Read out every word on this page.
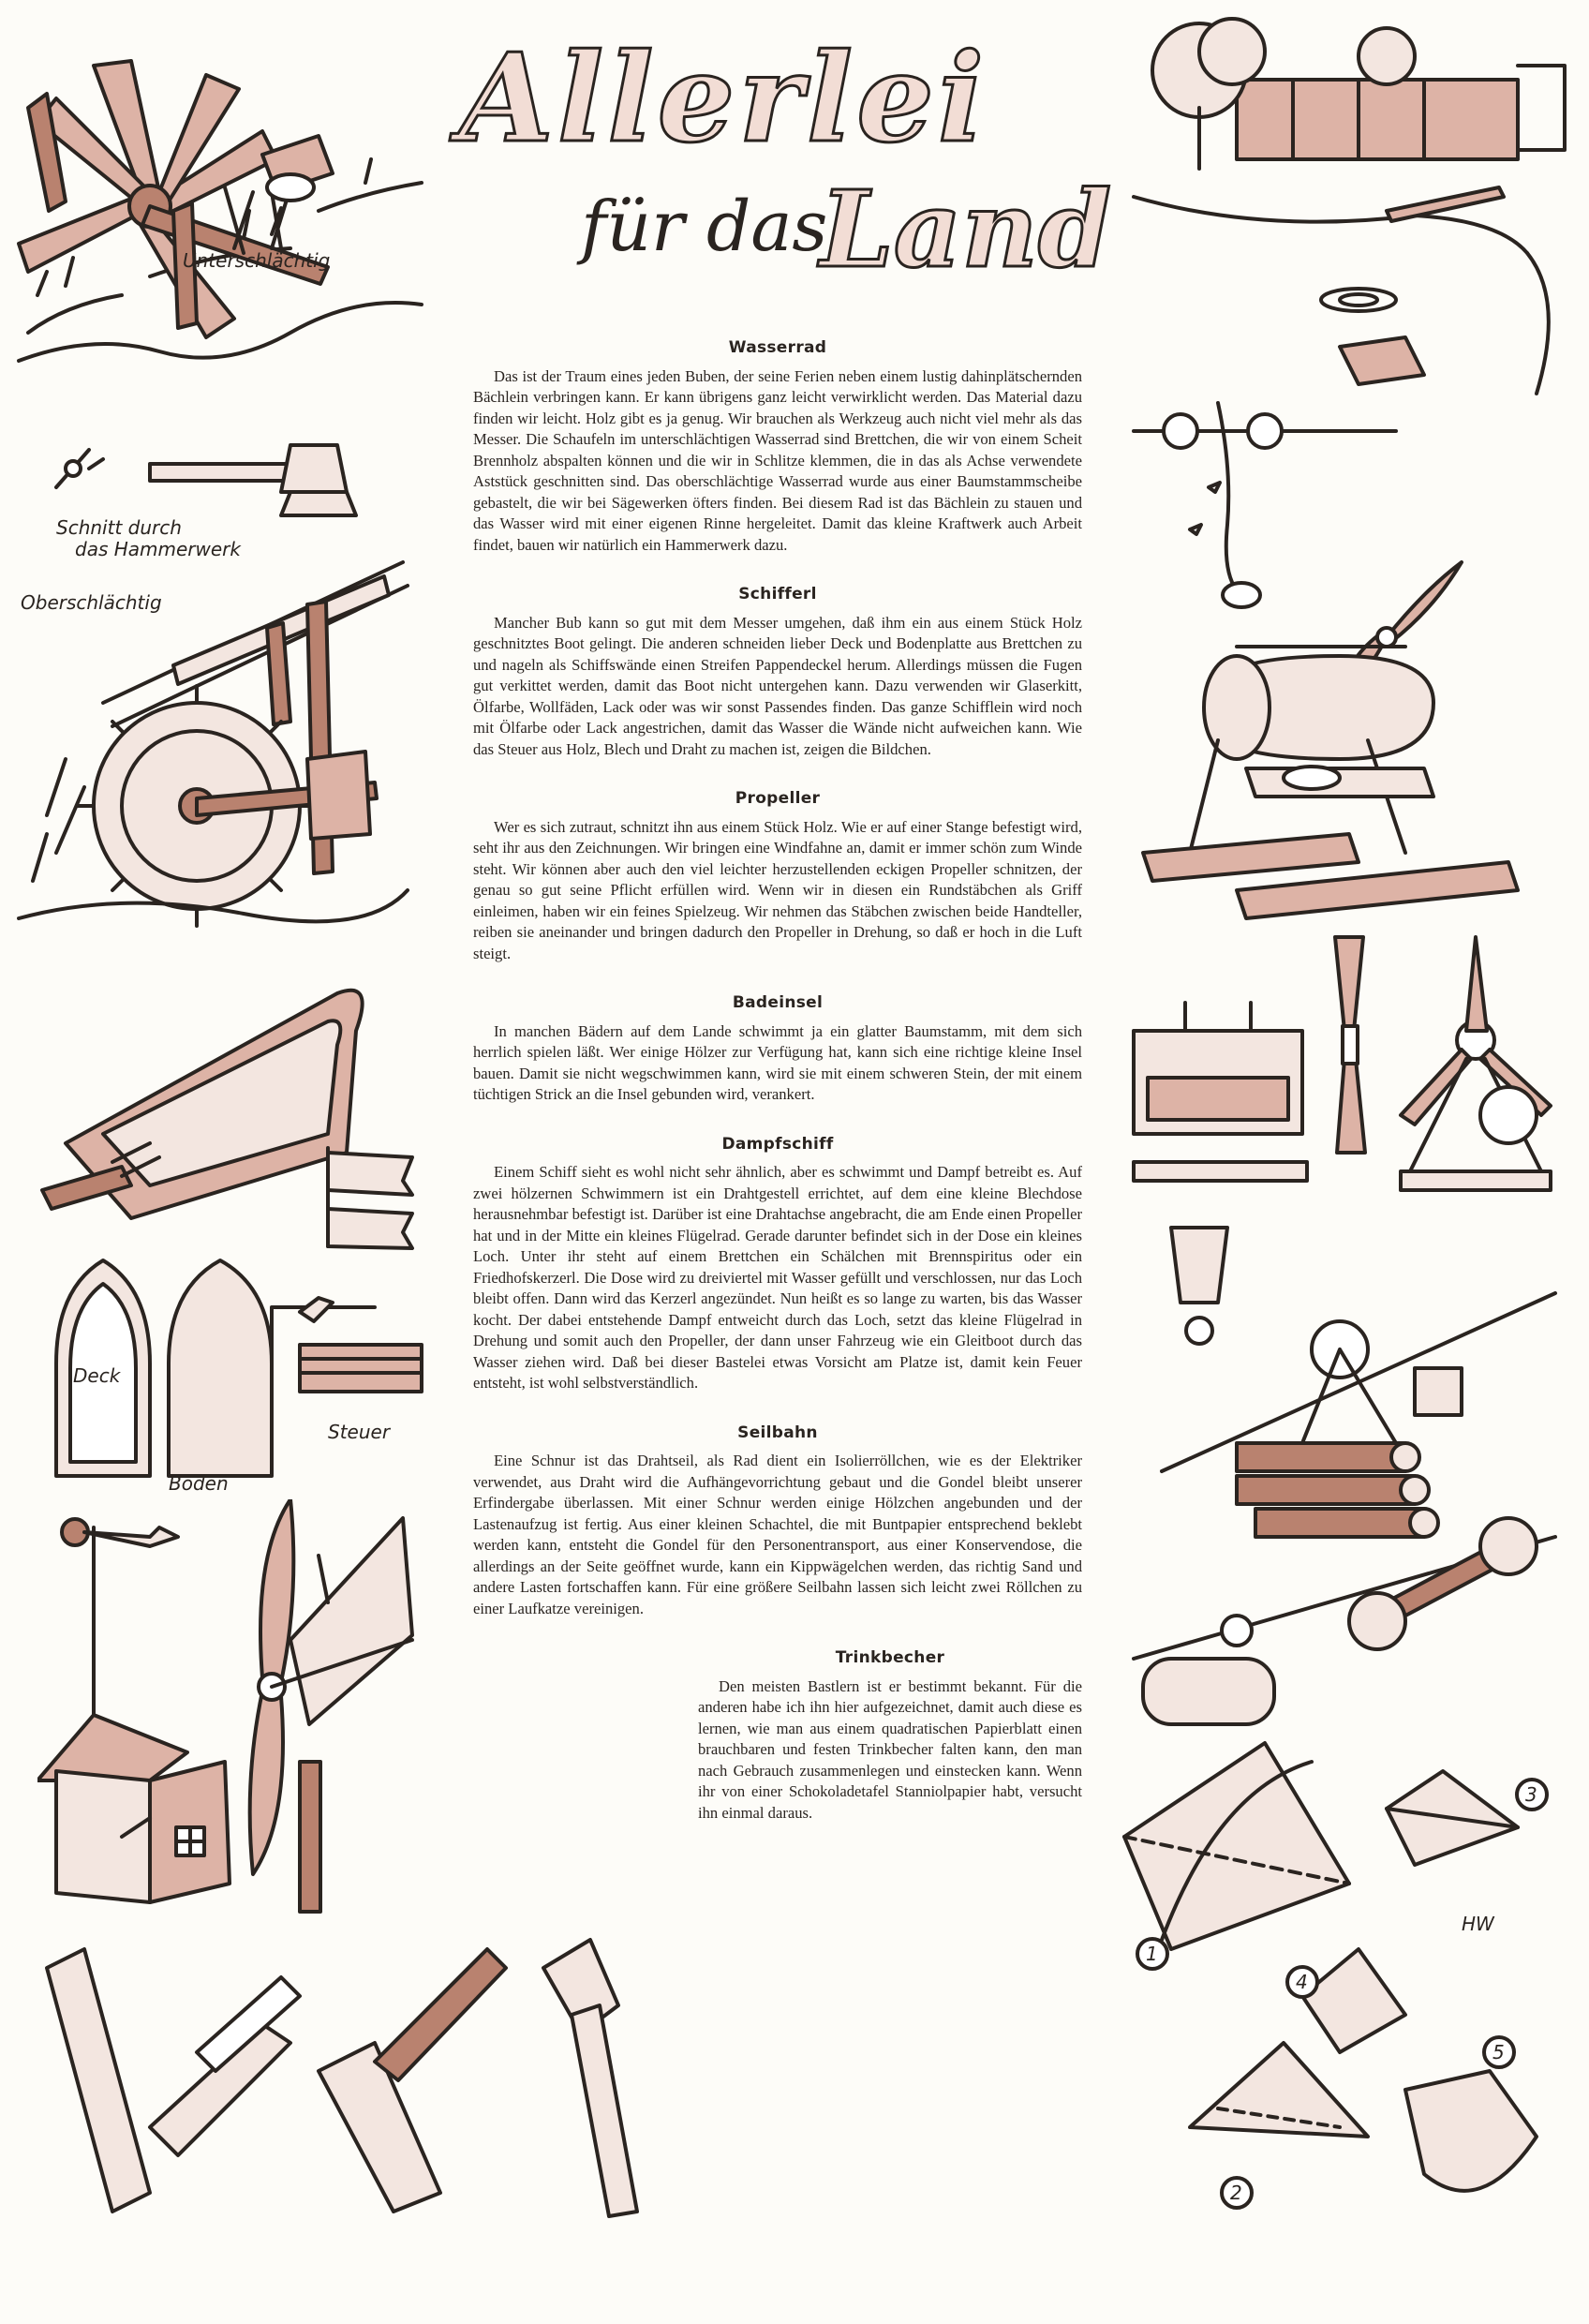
Allerlei
für das
Land
Unterschlächtig
Schnitt durch
das Hammerwerk
Oberschlächtig
Deck
Boden
Steuer
1
2
3
4
5
HW
Wasserrad

Das ist der Traum eines jeden Buben, der seine Ferien neben einem lustig dahinplätschernden Bächlein verbringen kann. Er kann übrigens ganz leicht verwirklicht werden. Das Material dazu finden wir leicht. Holz gibt es ja genug. Wir brauchen als Werkzeug auch nicht viel mehr als das Messer. Die Schaufeln im unterschlächtigen Wasserrad sind Brettchen, die wir von einem Scheit Brennholz abspalten können und die wir in Schlitze klemmen, die in das als Achse verwendete Aststück geschnitten sind. Das oberschlächtige Wasserrad wurde aus einer Baumstammscheibe gebastelt, die wir bei Sägewerken öfters finden. Bei diesem Rad ist das Bächlein zu stauen und das Wasser wird mit einer eigenen Rinne hergeleitet. Damit das kleine Kraftwerk auch Arbeit findet, bauen wir natürlich ein Hammerwerk dazu.

Schifferl

Mancher Bub kann so gut mit dem Messer umgehen, daß ihm ein aus einem Stück Holz geschnitztes Boot gelingt. Die anderen schneiden lieber Deck und Bodenplatte aus Brettchen zu und nageln als Schiffswände einen Streifen Pappendeckel herum. Allerdings müssen die Fugen gut verkittet werden, damit das Boot nicht untergehen kann. Dazu verwenden wir Glaserkitt, Ölfarbe, Wollfäden, Lack oder was wir sonst Passendes finden. Das ganze Schifflein wird noch mit Ölfarbe oder Lack angestrichen, damit das Wasser die Wände nicht aufweichen kann. Wie das Steuer aus Holz, Blech und Draht zu machen ist, zeigen die Bildchen.

Propeller

Wer es sich zutraut, schnitzt ihn aus einem Stück Holz. Wie er auf einer Stange befestigt wird, seht ihr aus den Zeichnungen. Wir bringen eine Windfahne an, damit er immer schön zum Winde steht. Wir können aber auch den viel leichter herzustellenden eckigen Propeller schnitzen, der genau so gut seine Pflicht erfüllen wird. Wenn wir in diesen ein Rundstäbchen als Griff einleimen, haben wir ein feines Spielzeug. Wir nehmen das Stäbchen zwischen beide Handteller, reiben sie aneinander und bringen dadurch den Propeller in Drehung, so daß er hoch in die Luft steigt.

Badeinsel

In manchen Bädern auf dem Lande schwimmt ja ein glatter Baumstamm, mit dem sich herrlich spielen läßt. Wer einige Hölzer zur Verfügung hat, kann sich eine richtige kleine Insel bauen. Damit sie nicht wegschwimmen kann, wird sie mit einem schweren Stein, der mit einem tüchtigen Strick an die Insel gebunden wird, verankert.

Dampfschiff

Einem Schiff sieht es wohl nicht sehr ähnlich, aber es schwimmt und Dampf betreibt es. Auf zwei hölzernen Schwimmern ist ein Drahtgestell errichtet, auf dem eine kleine Blechdose herausnehmbar befestigt ist. Darüber ist eine Drahtachse angebracht, die am Ende einen Propeller hat und in der Mitte ein kleines Flügelrad. Gerade darunter befindet sich in der Dose ein kleines Loch. Unter ihr steht auf einem Brettchen ein Schälchen mit Brennspiritus oder ein Friedhofskerzerl. Die Dose wird zu dreiviertel mit Wasser gefüllt und verschlossen, nur das Loch bleibt offen. Dann wird das Kerzerl angezündet. Nun heißt es so lange zu warten, bis das Wasser kocht. Der dabei entstehende Dampf entweicht durch das Loch, setzt das kleine Flügelrad in Drehung und somit auch den Propeller, der dann unser Fahrzeug wie ein Gleitboot durch das Wasser ziehen wird. Daß bei dieser Bastelei etwas Vorsicht am Platze ist, damit kein Feuer entsteht, ist wohl selbstverständlich.

Seilbahn

Eine Schnur ist das Drahtseil, als Rad dient ein Isolierröllchen, wie es der Elektriker verwendet, aus Draht wird die Aufhängevorrichtung gebaut und die Gondel bleibt unserer Erfindergabe überlassen. Mit einer Schnur werden einige Hölzchen angebunden und der Lastenaufzug ist fertig. Aus einer kleinen Schachtel, die mit Buntpapier entsprechend beklebt werden kann, entsteht die Gondel für den Personentransport, aus einer Konservendose, die allerdings an der Seite geöffnet wurde, kann ein Kippwägelchen werden, das richtig Sand und andere Lasten fortschaffen kann. Für eine größere Seilbahn lassen sich leicht zwei Röllchen zu einer Laufkatze vereinigen.

Trinkbecher

Den meisten Bastlern ist er bestimmt bekannt. Für die anderen habe ich ihn hier aufgezeichnet, damit auch diese es lernen, wie man aus einem quadratischen Papierblatt einen brauchbaren und festen Trinkbecher falten kann, den man nach Gebrauch zusammenlegen und einstecken kann. Wenn ihr von einer Schokoladetafel Stanniolpapier habt, versucht ihn einmal daraus.
